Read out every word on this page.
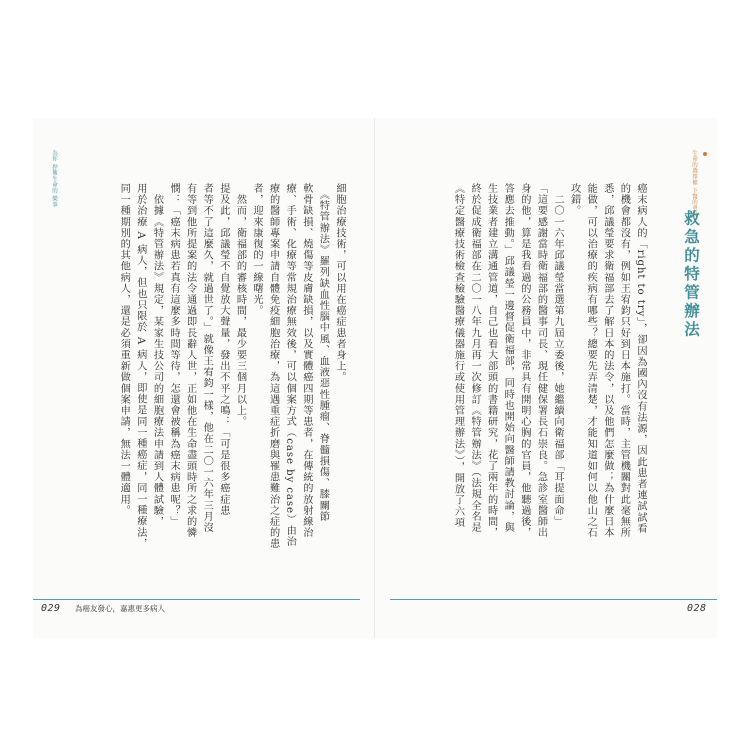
生命的選擇權 下醫的勇氣
救急的特管辦法
癌末病人的「right to try」，卻因為國內沒有法源，因此患者連試試看
的機會都沒有，例如王宥鈞只好到日本施打。當時，主管機關對此毫無所
悉，邱議瑩要求衛福部去了解日本的法令，以及他們怎麼做；為什麼日本
能做，可以治療的疾病有哪些？總要先弄清楚，才能知道如何以他山之石
攻錯。
　二〇一六年邱議瑩當選第九屆立委後，她繼續向衛福部「耳提面命」
「這要感謝當時衛福部的醫事司長、現任健保署長石崇良。急診室醫師出
身的他，算是我看過的公務員中，非常具有開明心胸的官員，他聽過後，
答應去推動。」邱議瑩一邊督促衛福部，同時也開始向醫師請教討論，與
生技業者建立溝通管道，自己也看大部頭的書籍研究，花了兩年的時間，
終於促成衛福部在二〇一八年九月再一次修訂《特管辦法》（法規全名是
《特定醫療技術檢查檢驗醫療儀器施行或使用管理辦法》），開放了六項
為你 捍衛生命的 樂事
細胞治療技術，可以用在癌症患者身上。
　《特管辦法》羅列缺血性腦中風、血液惡性腫瘤、脊髓損傷、膝關節
軟骨缺損、燒傷等皮膚缺損，以及實體癌四期等患者，在傳統的放射線治
療、手術、化療等常規治療無效後，可以個案方式（case by case）由治
療的醫師專案申請自體免疫細胞治療，為這遇重症折磨與罹患難治之症的患
者，迎來康復的一線曙光。
　然而，衛福部的審核時間，最少要三個月以上。
提及此，邱議瑩不自覺放大聲量，發出不平之鳴：「可是很多癌症患
者等不了這麼久，就過世了。」就像王宥鈞一樣，他在二〇一六年三月沒
有等到他所提案的法令通過即長辭人世，正如他在生命盡頭時所之求的憐
憫：「癌末病患若真有這麼多時間等待，怎還會被稱為癌末病患呢？」
　依據《特管辦法》規定，某家生技公司的細胞療法申請到人體試驗，
用於治療 A 病人，但也只限於 A 病人，即使是同一種癌症，同一種療法，
同一種期別的其他病人，還是必須重新做個案申請，無法一體適用。
029 為癌友發心，嘉惠更多病人	028
